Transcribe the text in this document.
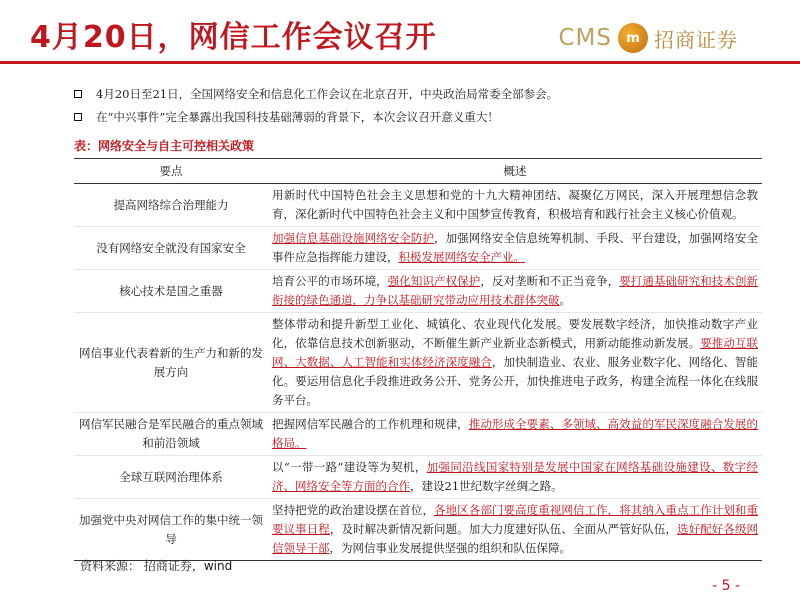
4月20日，网信工作会议召开	CMS	m 招商证券
4月20日至21日，全国网络安全和信息化工作会议在北京召开，中央政治局常委全部参会。
在“中兴事件”完全暴露出我国科技基础薄弱的背景下，本次会议召开意义重大！
表：网络安全与自主可控相关政策
要点	概述
提高网络综合治理能力	用新时代中国特色社会主义思想和党的十九大精神团结、凝聚亿万网民，深入开展理想信念教育，深化新时代中国特色社会主义和中国梦宣传教育，积极培育和践行社会主义核心价值观。
没有网络安全就没有国家安全	加强信息基础设施网络安全防护，加强网络安全信息统筹机制、手段、平台建设，加强网络安全事件应急指挥能力建设，积极发展网络安全产业。
核心技术是国之重器	培育公平的市场环境，强化知识产权保护，反对垄断和不正当竞争，要打通基础研究和技术创新衔接的绿色通道，力争以基础研究带动应用技术群体突破。
网信事业代表着新的生产力和新的发展方向	整体带动和提升新型工业化、城镇化、农业现代化发展。要发展数字经济，加快推动数字产业化，依靠信息技术创新驱动，不断催生新产业新业态新模式，用新动能推动新发展。要推动互联网、大数据、人工智能和实体经济深度融合，加快制造业、农业、服务业数字化、网络化、智能化。要运用信息化手段推进政务公开、党务公开，加快推进电子政务，构建全流程一体化在线服务平台。
网信军民融合是军民融合的重点领域和前沿领域	把握网信军民融合的工作机理和规律，推动形成全要素、多领域、高效益的军民深度融合发展的格局。
全球互联网治理体系	以“一带一路”建设等为契机，加强同沿线国家特别是发展中国家在网络基础设施建设、数字经济、网络安全等方面的合作，建设21世纪数字丝绸之路。
加强党中央对网信工作的集中统一领导	坚持把党的政治建设摆在首位，各地区各部门要高度重视网信工作，将其纳入重点工作计划和重要议事日程，及时解决新情况新问题。加大力度建好队伍、全面从严管好队伍，选好配好各级网信领导干部，为网信事业发展提供坚强的组织和队伍保障。
资料来源： 招商证券，wind
- 5 -
